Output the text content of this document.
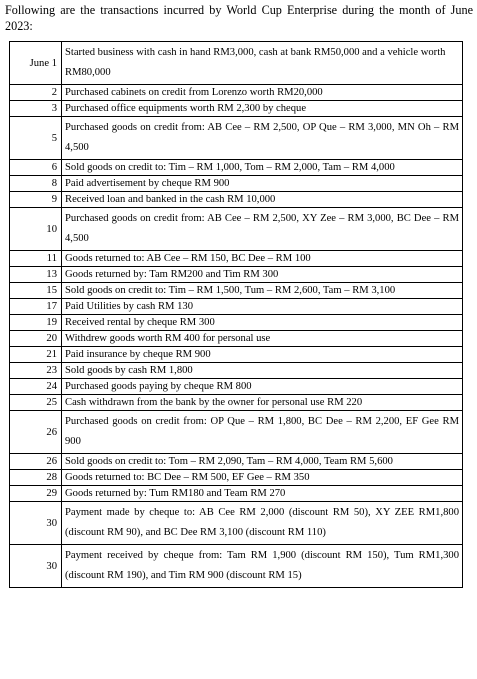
Following are the transactions incurred by World Cup Enterprise during the month of June 2023:
June 1	Started business with cash in hand RM3,000, cash at bank RM50,000 and a vehicle worth RM80,000
2	Purchased cabinets on credit from Lorenzo worth RM20,000
3	Purchased office equipments worth RM 2,300 by cheque
5	Purchased goods on credit from: AB Cee – RM 2,500, OP Que – RM 3,000, MN Oh – RM 4,500
6	Sold goods on credit to: Tim – RM 1,000, Tom – RM 2,000, Tam – RM 4,000
8	Paid advertisement by cheque RM 900
9	Received loan and banked in the cash RM 10,000
10	Purchased goods on credit from: AB Cee – RM 2,500, XY Zee – RM 3,000, BC Dee – RM 4,500
11	Goods returned to: AB Cee – RM 150, BC Dee – RM 100
13	Goods returned by: Tam RM200 and Tim RM 300
15	Sold goods on credit to: Tim – RM 1,500, Tum – RM 2,600, Tam – RM 3,100
17	Paid Utilities by cash RM 130
19	Received rental by cheque RM 300
20	Withdrew goods worth RM 400 for personal use
21	Paid insurance by cheque RM 900
23	Sold goods by cash RM 1,800
24	Purchased goods paying by cheque RM 800
25	Cash withdrawn from the bank by the owner for personal use RM 220
26	Purchased goods on credit from: OP Que – RM 1,800, BC Dee – RM 2,200, EF Gee RM 900
26	Sold goods on credit to: Tom – RM 2,090, Tam – RM 4,000, Team RM 5,600
28	Goods returned to: BC Dee – RM 500, EF Gee – RM 350
29	Goods returned by: Tum RM180 and Team RM 270
30	Payment made by cheque to: AB Cee RM 2,000 (discount RM 50), XY ZEE RM1,800 (discount RM 90), and BC Dee RM 3,100 (discount RM 110)
30	Payment received by cheque from: Tam RM 1,900 (discount RM 150), Tum RM1,300 (discount RM 190), and Tim RM 900 (discount RM 15)
